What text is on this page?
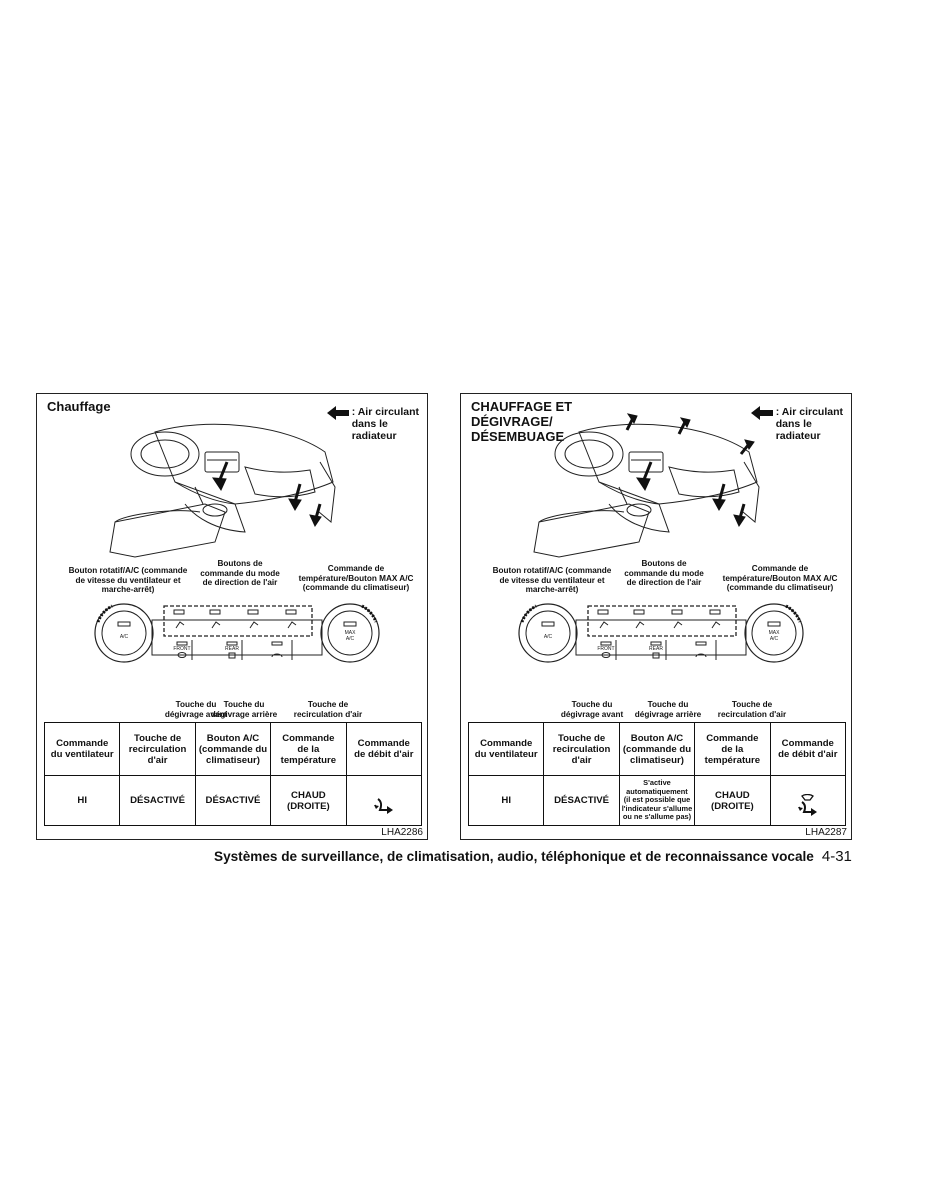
Chauffage	: Air circulant
dans le
radiateur
Bouton rotatif/A/C (commande
de vitesse du ventilateur et
marche-arrêt)
Boutons de
commande du mode
de direction de l'air
Commande de
température/Bouton MAX A/C
(commande du climatiseur)
A/C
FRONT	REAR
MAX
A/C
Touche du
dégivrage avant
Touche du
dégivrage arrière
Touche de
recirculation d'air
Commande
du ventilateur	Touche de
recirculation
d'air	Bouton A/C
(commande du
climatiseur)	Commande
de la
température	Commande
de débit d'air
HI	DÉSACTIVÉ	DÉSACTIVÉ	CHAUD
(DROITE)	

LHA2286
CHAUFFAGE ET
DÉGIVRAGE/
DÉSEMBUAGE
: Air circulant
dans le
radiateur
Bouton rotatif/A/C (commande
de vitesse du ventilateur et
marche-arrêt)
Boutons de
commande du mode
de direction de l'air
Commande de
température/Bouton MAX A/C
(commande du climatiseur)
A/C
FRONT	REAR
MAX
A/C
Touche du
dégivrage avant
Touche du
dégivrage arrière
Touche de
recirculation d'air
Commande
du ventilateur	Touche de
recirculation
d'air	Bouton A/C
(commande du
climatiseur)	Commande
de la
température	Commande
de débit d'air
HI	DÉSACTIVÉ	S'active
automatiquement
(il est possible que
l'indicateur s'allume
ou ne s'allume pas)	CHAUD
(DROITE)	

LHA2287
Systèmes de surveillance, de climatisation, audio, téléphonique et de reconnaissance vocale 4-31
